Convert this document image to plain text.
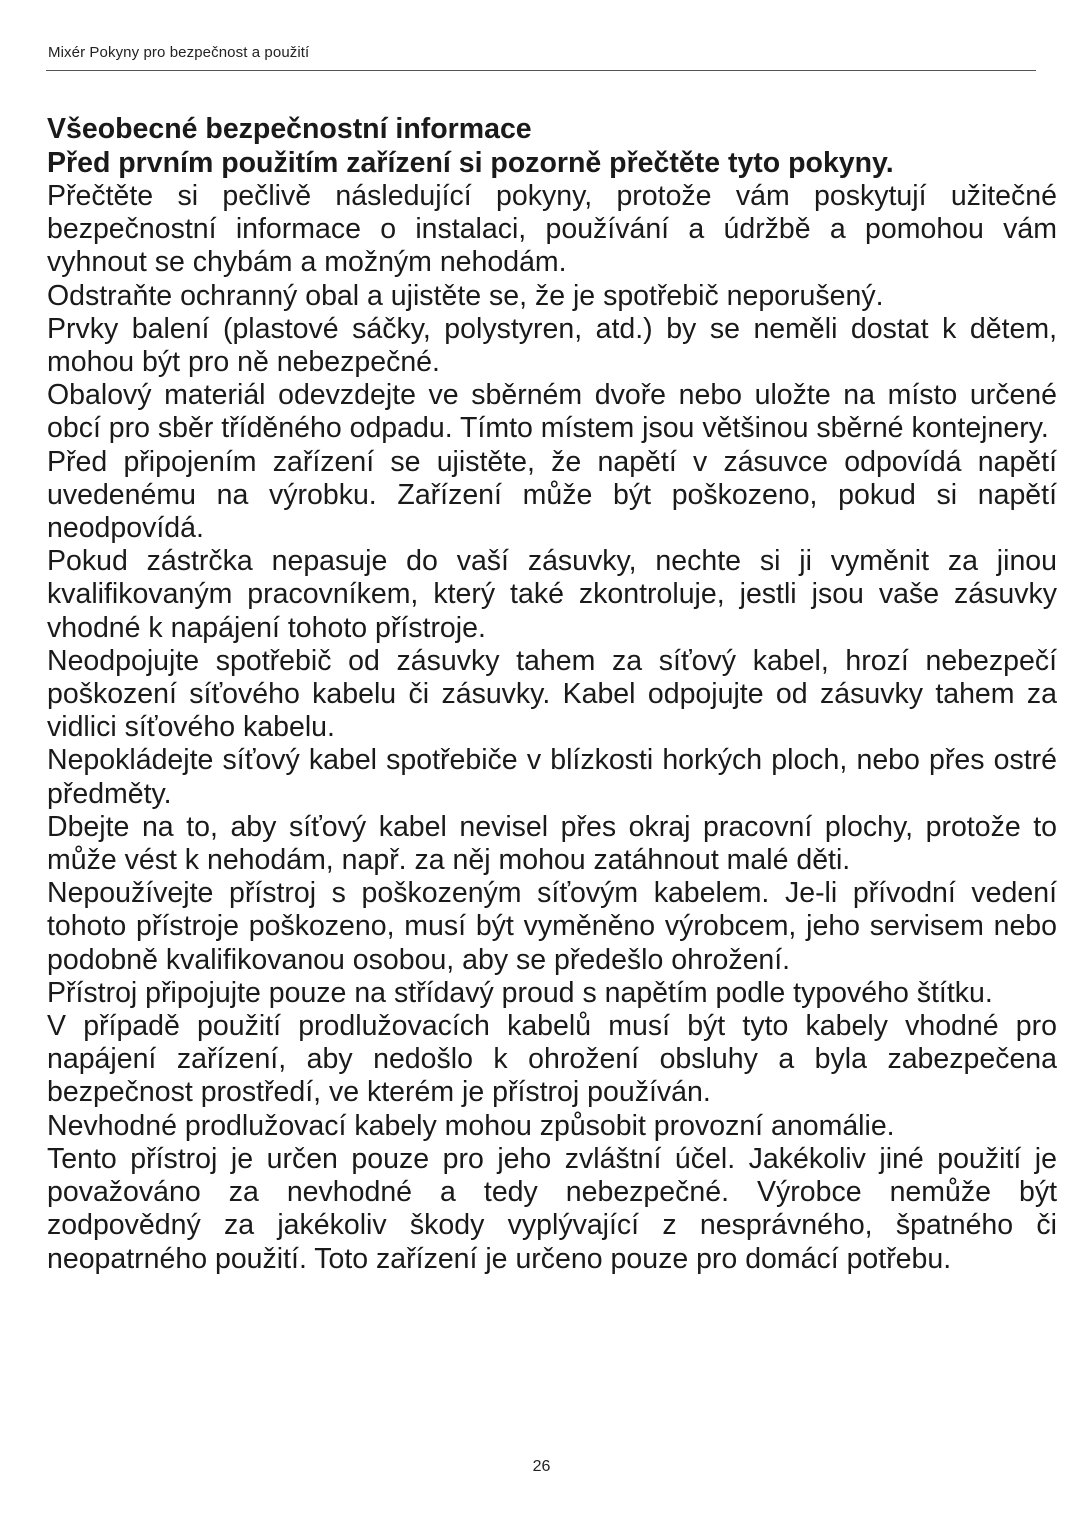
Mixér Pokyny pro bezpečnost a použití
Všeobecné bezpečnostní informace
Před prvním použitím zařízení si pozorně přečtěte tyto pokyny.

Přečtěte si pečlivě následující pokyny, protože vám poskytují užitečné bezpečnostní informace o instalaci, používání a údržbě a pomohou vám vyhnout se chybám a možným nehodám.

Odstraňte ochranný obal a ujistěte se, že je spotřebič neporušený.

Prvky balení (plastové sáčky, polystyren, atd.) by se neměli dostat k dětem, mohou být pro ně nebezpečné.

Obalový materiál odevzdejte ve sběrném dvoře nebo uložte na místo určené obcí pro sběr tříděného odpadu. Tímto místem jsou většinou sběrné kontejnery.

Před připojením zařízení se ujistěte, že napětí v zásuvce odpovídá napětí uvedenému na výrobku. Zařízení může být poškozeno, pokud si napětí neodpovídá.

Pokud zástrčka nepasuje do vaší zásuvky, nechte si ji vyměnit za jinou kvalifikovaným pracovníkem, který také zkontroluje, jestli jsou vaše zásuvky vhodné k napájení tohoto přístroje.

Neodpojujte spotřebič od zásuvky tahem za síťový kabel, hrozí nebezpečí poškození síťového kabelu či zásuvky. Kabel odpojujte od zásuvky tahem za vidlici síťového kabelu.

Nepokládejte síťový kabel spotřebiče v blízkosti horkých ploch, nebo přes ostré předměty.

Dbejte na to, aby síťový kabel nevisel přes okraj pracovní plochy, protože to může vést k nehodám, např. za něj mohou zatáhnout malé děti.

Nepoužívejte přístroj s poškozeným síťovým kabelem. Je-li přívodní vedení tohoto přístroje poškozeno, musí být vyměněno výrobcem, jeho servisem nebo podobně kvalifikovanou osobou, aby se předešlo ohrožení.

Přístroj připojujte pouze na střídavý proud s napětím podle typového štítku.

V případě použití prodlužovacích kabelů musí být tyto kabely vhodné pro napájení zařízení, aby nedošlo k ohrožení obsluhy a byla zabezpečena bezpečnost prostředí, ve kterém je přístroj používán.

Nevhodné prodlužovací kabely mohou způsobit provozní anomálie.

Tento přístroj je určen pouze pro jeho zvláštní účel. Jakékoliv jiné použití je považováno za nevhodné a tedy nebezpečné. Výrobce nemůže být zodpovědný za jakékoliv škody vyplývající z nesprávného, špatného či neopatrného použití. Toto zařízení je určeno pouze pro domácí potřebu.

26
